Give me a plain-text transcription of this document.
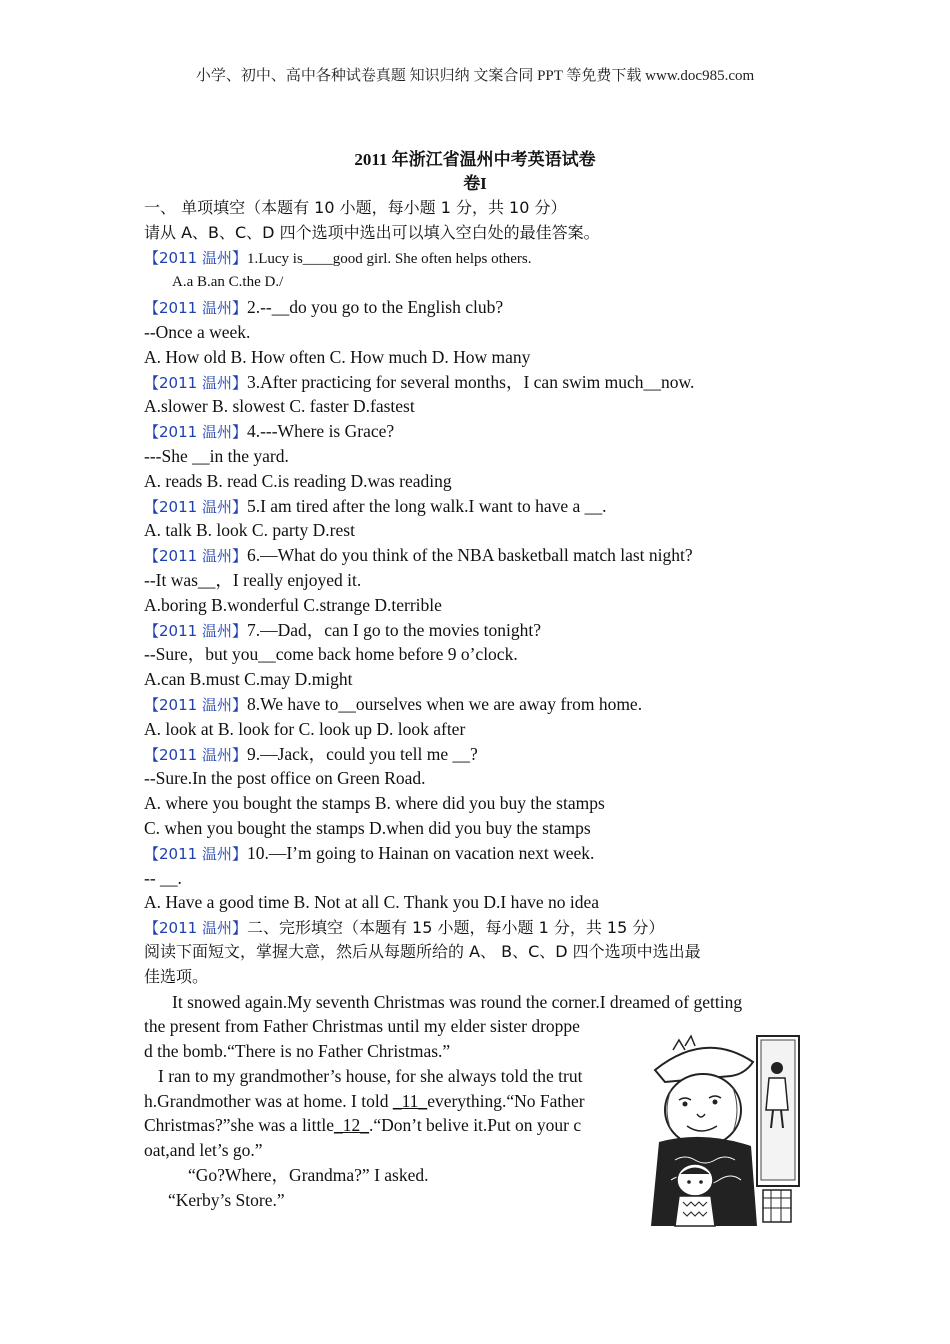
小学、初中、高中各种试卷真题 知识归纳 文案合同 PPT 等免费下载 www.doc985.com
2011 年浙江省温州中考英语试卷
卷I
一、 单项填空（本题有 10 小题，每小题 1 分，共 10 分）
请从 A、B、C、D 四个选项中选出可以填入空白处的最佳答案。
【2011 温州】1.Lucy is____good girl. She often helps others.
A.a B.an C.the D./
【2011 温州】2.--__do you go to the English club?
--Once a week.
A. How old B. How often C. How much D. How many
【2011 温州】3.After practicing for several months，I can swim much__now.
A.slower B. slowest C. faster D.fastest
【2011 温州】4.---Where is Grace?
---She __in the yard.
A. reads B. read C.is reading D.was reading
【2011 温州】5.I am tired after the long walk.I want to have a __.
A. talk B. look C. party D.rest
【2011 温州】6.—What do you think of the NBA basketball match last night?
--It was__，I really enjoyed it.
A.boring B.wonderful C.strange D.terrible
【2011 温州】7.—Dad，can I go to the movies tonight?
--Sure，but you__come back home before 9 o’clock.
A.can B.must C.may D.might
【2011 温州】8.We have to__ourselves when we are away from home.
A. look at B. look for C. look up D. look after
【2011 温州】9.—Jack，could you tell me __?
--Sure.In the post office on Green Road.
A. where you bought the stamps B. where did you buy the stamps
C. when you bought the stamps D.when did you buy the stamps
【2011 温州】10.—I’m going to Hainan on vacation next week.
-- __.
A. Have a good time B. Not at all C. Thank you D.I have no idea
【2011 温州】二、完形填空（本题有 15 小题，每小题 1 分，共 15 分）
阅读下面短文，掌握大意，然后从每题所给的 A、 B、C、D 四个选项中选出最
佳选项。
It snowed again.My seventh Christmas was round the corner.I dreamed of getting
the present from Father Christmas until my elder sister droppe
d the bomb.“There is no Father Christmas.”
I ran to my grandmother’s house, for she always told the trut
h.Grandmother was at home. I told _11_everything.“No Father
Christmas?”she was a little_12_.“Don’t belive it.Put on your c
oat,and let’s go.”
“Go?Where，Grandma?” I asked.
“Kerby’s Store.”
